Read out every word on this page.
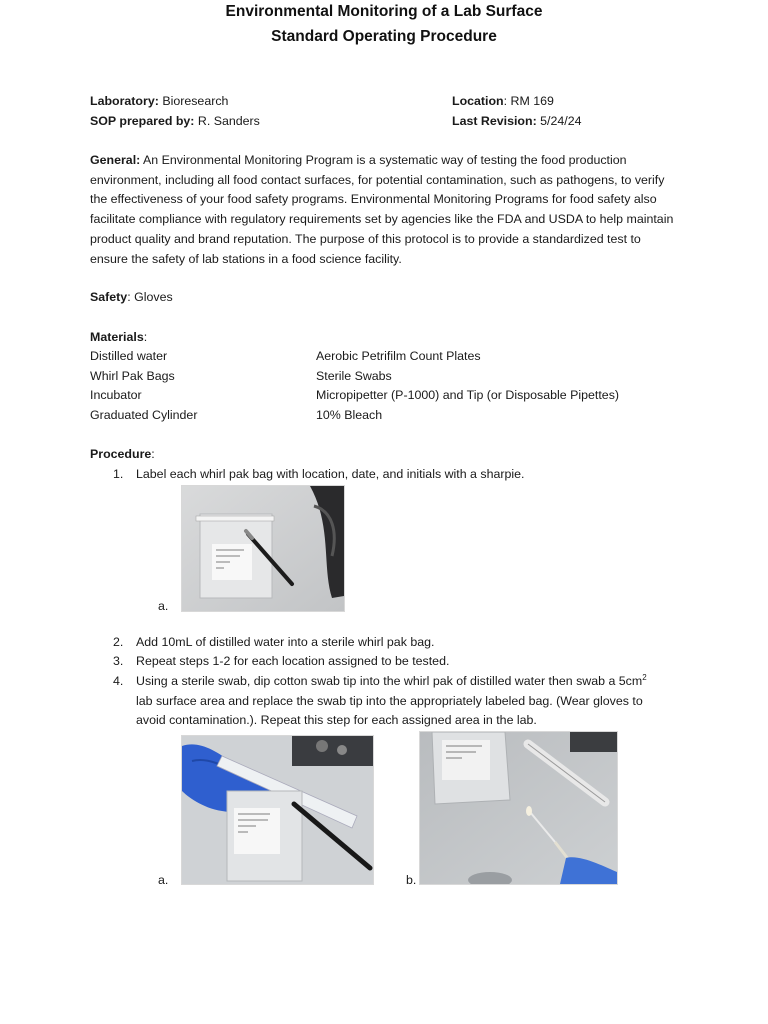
Environmental Monitoring of a Lab Surface
Standard Operating Procedure
Laboratory: Bioresearch
SOP prepared by: R. Sanders
Location: RM 169
Last Revision: 5/24/24
General: An Environmental Monitoring Program is a systematic way of testing the food production environment, including all food contact surfaces, for potential contamination, such as pathogens, to verify the effectiveness of your food safety programs. Environmental Monitoring Programs for food safety also facilitate compliance with regulatory requirements set by agencies like the FDA and USDA to help maintain product quality and brand reputation. The purpose of this protocol is to provide a standardized test to ensure the safety of lab stations in a food science facility.
Safety: Gloves
Materials:
Distilled water
Whirl Pak Bags
Incubator
Graduated Cylinder
Aerobic Petrifilm Count Plates
Sterile Swabs
Micropipetter (P-1000) and Tip (or Disposable Pipettes)
10% Bleach
Procedure:
1. Label each whirl pak bag with location, date, and initials with a sharpie.
a.
2. Add 10mL of distilled water into a sterile whirl pak bag.
3. Repeat steps 1-2 for each location assigned to be tested.
4. Using a sterile swab, dip cotton swab tip into the whirl pak of distilled water then swab a $5cm^2$
lab surface area and replace the swab tip into the appropriately labeled bag. (Wear gloves to
avoid contamination.). Repeat this step for each assigned area in the lab.
a.	b.
